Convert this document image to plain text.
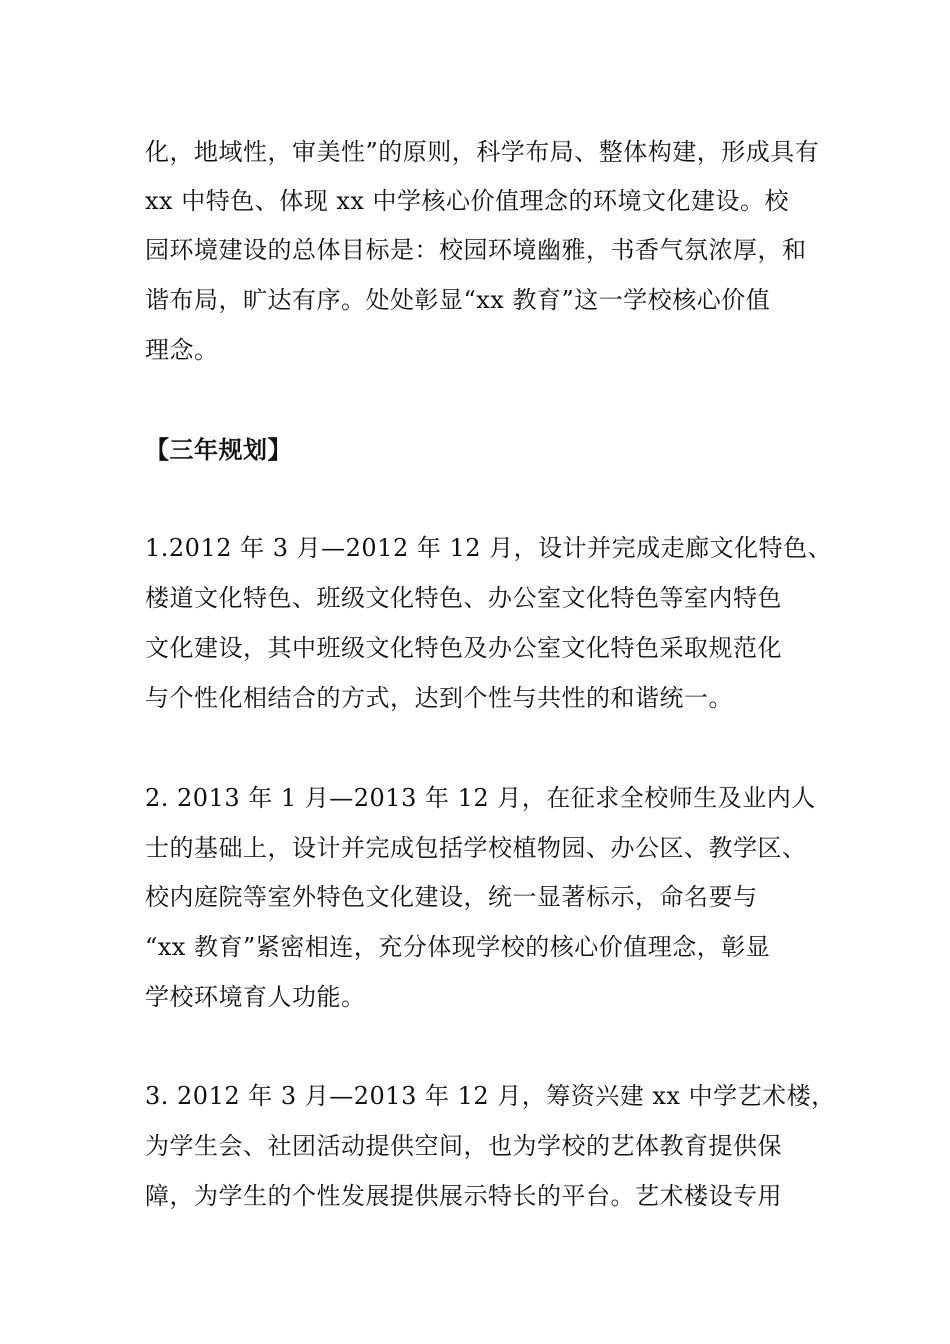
化，地域性，审美性”的原则，科学布局、整体构建，形成具有
xx 中特色、体现 xx 中学核心价值理念的环境文化建设。校
园环境建设的总体目标是：校园环境幽雅，书香气氛浓厚，和
谐布局，旷达有序。处处彰显“xx 教育”这一学校核心价值
理念。
【三年规划】
1.2012 年 3 月—2012 年 12 月，设计并完成走廊文化特色、
楼道文化特色、班级文化特色、办公室文化特色等室内特色
文化建设，其中班级文化特色及办公室文化特色采取规范化
与个性化相结合的方式，达到个性与共性的和谐统一。
2. 2013 年 1 月—2013 年 12 月，在征求全校师生及业内人
士的基础上，设计并完成包括学校植物园、办公区、教学区、
校内庭院等室外特色文化建设，统一显著标示，命名要与
“xx 教育”紧密相连，充分体现学校的核心价值理念，彰显
学校环境育人功能。
3. 2012 年 3 月—2013 年 12 月，筹资兴建 xx 中学艺术楼，
为学生会、社团活动提供空间，也为学校的艺体教育提供保
障，为学生的个性发展提供展示特长的平台。艺术楼设专用
